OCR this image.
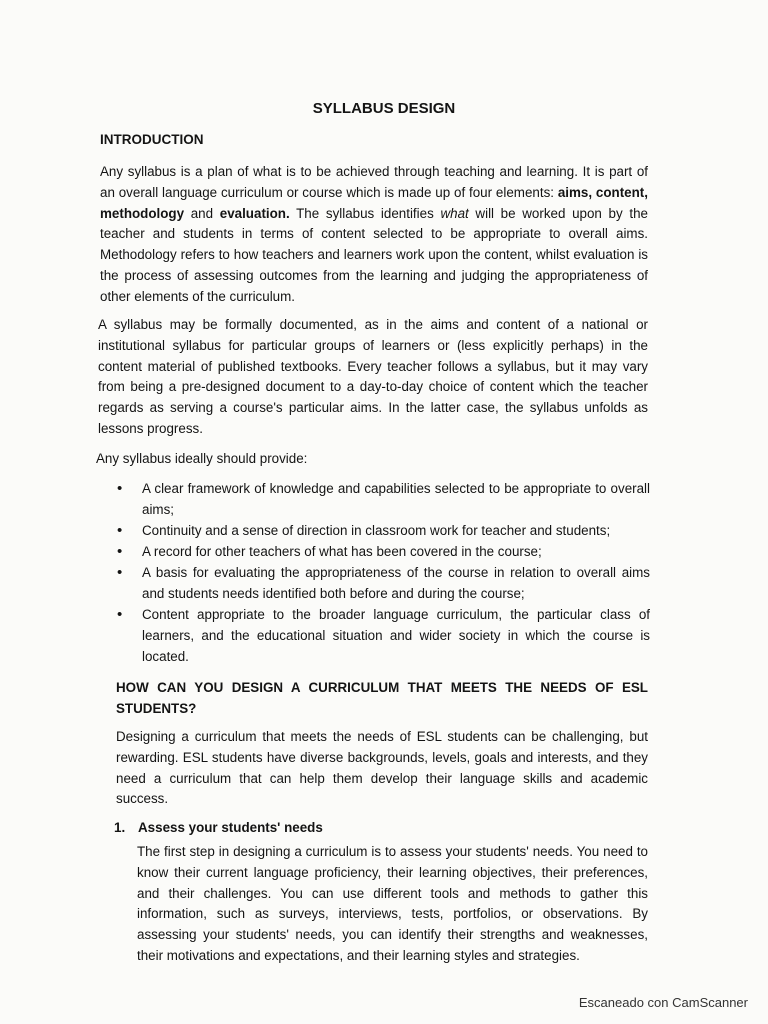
SYLLABUS DESIGN
INTRODUCTION

Any syllabus is a plan of what is to be achieved through teaching and learning. It is part of an overall language curriculum or course which is made up of four elements: aims, content, methodology and evaluation. The syllabus identifies what will be worked upon by the teacher and students in terms of content selected to be appropriate to overall aims. Methodology refers to how teachers and learners work upon the content, whilst evaluation is the process of assessing outcomes from the learning and judging the appropriateness of other elements of the curriculum.

A syllabus may be formally documented, as in the aims and content of a national or institutional syllabus for particular groups of learners or (less explicitly perhaps) in the content material of published textbooks. Every teacher follows a syllabus, but it may vary from being a pre-designed document to a day-to-day choice of content which the teacher regards as serving a course's particular aims. In the latter case, the syllabus unfolds as lessons progress.

Any syllabus ideally should provide:

• A clear framework of knowledge and capabilities selected to be appropriate to overall aims;
• Continuity and a sense of direction in classroom work for teacher and students;
• A record for other teachers of what has been covered in the course;
• A basis for evaluating the appropriateness of the course in relation to overall aims and students needs identified both before and during the course;
• Content appropriate to the broader language curriculum, the particular class of learners, and the educational situation and wider society in which the course is located.

HOW CAN YOU DESIGN A CURRICULUM THAT MEETS THE NEEDS OF ESL STUDENTS?

Designing a curriculum that meets the needs of ESL students can be challenging, but rewarding. ESL students have diverse backgrounds, levels, goals and interests, and they need a curriculum that can help them develop their language skills and academic success.

1. Assess your students' needs

The first step in designing a curriculum is to assess your students' needs. You need to know their current language proficiency, their learning objectives, their preferences, and their challenges. You can use different tools and methods to gather this information, such as surveys, interviews, tests, portfolios, or observations. By assessing your students' needs, you can identify their strengths and weaknesses, their motivations and expectations, and their learning styles and strategies.

Escaneado con CamScanner
